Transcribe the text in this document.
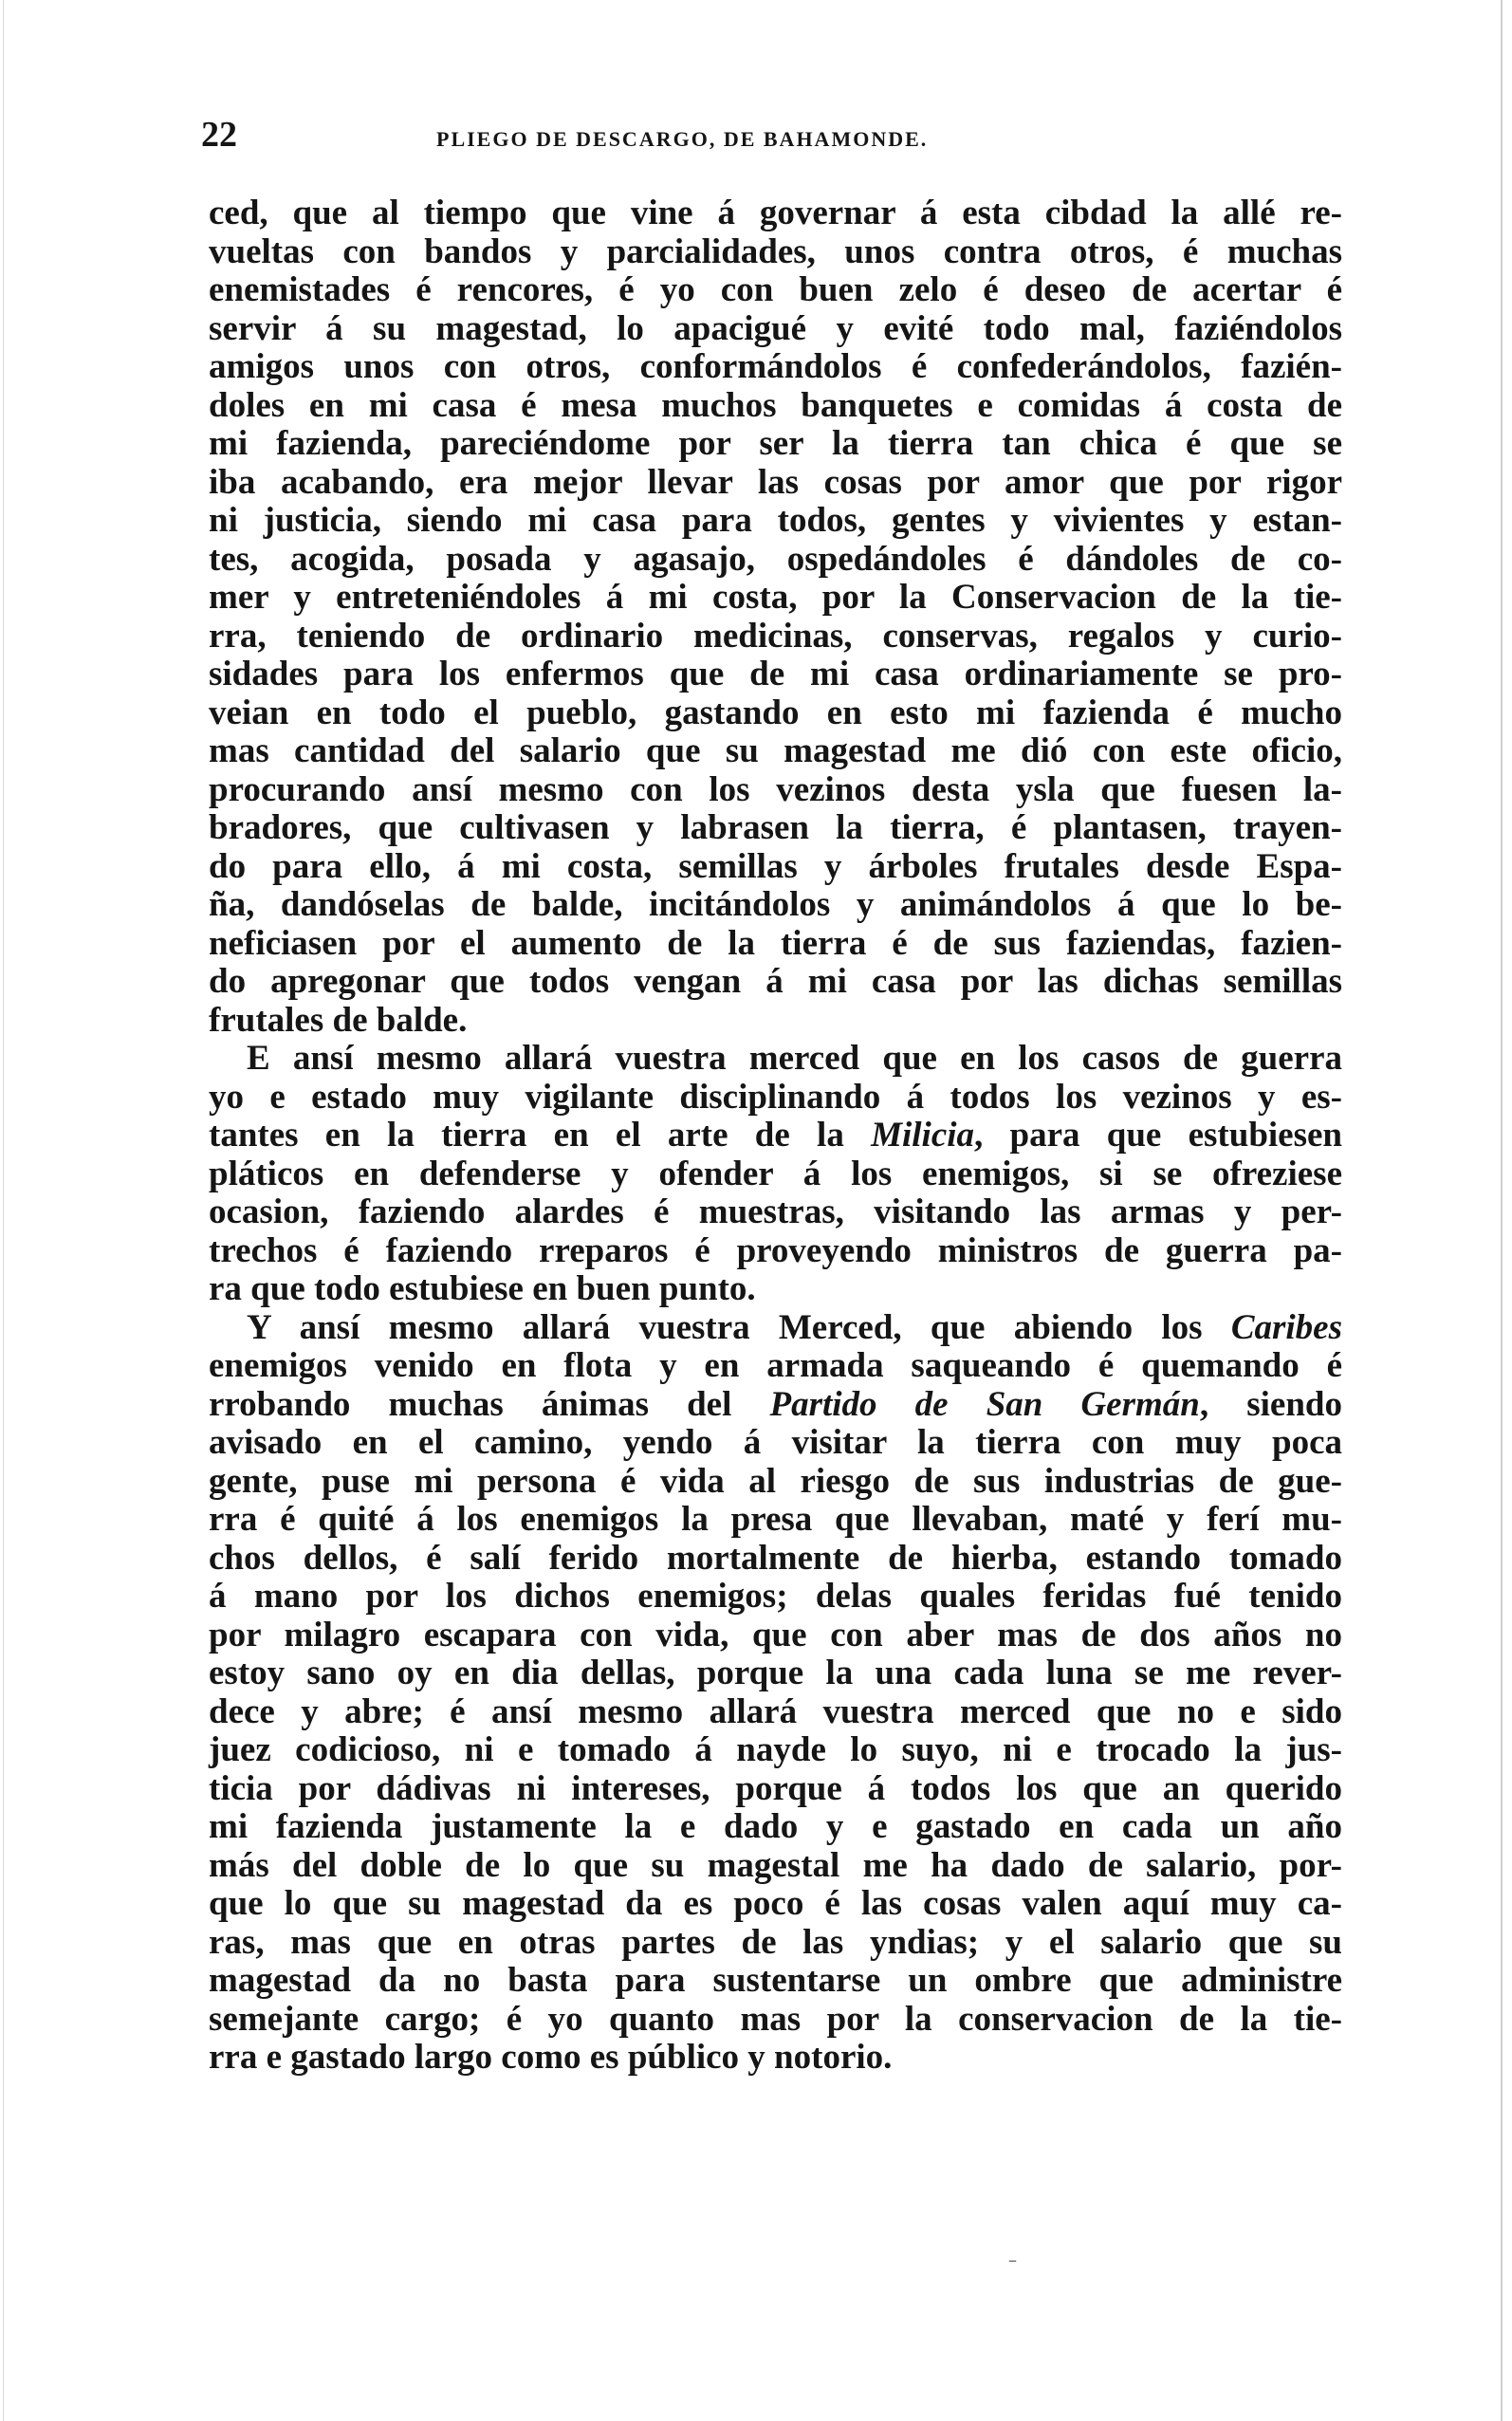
22	PLIEGO DE DESCARGO, DE BAHAMONDE.
ced, que al tiempo que vine á governar á esta cibdad la allé re-
vueltas con bandos y parcialidades, unos contra otros, é muchas
enemistades é rencores, é yo con buen zelo é deseo de acertar é
servir á su magestad, lo apacigué y evité todo mal, faziéndolos
amigos unos con otros, conformándolos é confederándolos, fazién-
doles en mi casa é mesa muchos banquetes e comidas á costa de
mi fazienda, pareciéndome por ser la tierra tan chica é que se
iba acabando, era mejor llevar las cosas por amor que por rigor
ni justicia, siendo mi casa para todos, gentes y vivientes y estan-
tes, acogida, posada y agasajo, ospedándoles é dándoles de co-
mer y entreteniéndoles á mi costa, por la Conservacion de la tie-
rra, teniendo de ordinario medicinas, conservas, regalos y curio-
sidades para los enfermos que de mi casa ordinariamente se pro-
veian en todo el pueblo, gastando en esto mi fazienda é mucho
mas cantidad del salario que su magestad me dió con este oficio,
procurando ansí mesmo con los vezinos desta ysla que fuesen la-
bradores, que cultivasen y labrasen la tierra, é plantasen, trayen-
do para ello, á mi costa, semillas y árboles frutales desde Espa-
ña, dandóselas de balde, incitándolos y animándolos á que lo be-
neficiasen por el aumento de la tierra é de sus faziendas, fazien-
do apregonar que todos vengan á mi casa por las dichas semillas
frutales de balde.
E ansí mesmo allará vuestra merced que en los casos de guerra
yo e estado muy vigilante disciplinando á todos los vezinos y es-
tantes en la tierra en el arte de la Milicia, para que estubiesen
pláticos en defenderse y ofender á los enemigos, si se ofreziese
ocasion, faziendo alardes é muestras, visitando las armas y per-
trechos é faziendo rreparos é proveyendo ministros de guerra pa-
ra que todo estubiese en buen punto.
Y ansí mesmo allará vuestra Merced, que abiendo los Caribes
enemigos venido en flota y en armada saqueando é quemando é
rrobando muchas ánimas del Partido de San Germán, siendo
avisado en el camino, yendo á visitar la tierra con muy poca
gente, puse mi persona é vida al riesgo de sus industrias de gue-
rra é quité á los enemigos la presa que llevaban, maté y ferí mu-
chos dellos, é salí ferido mortalmente de hierba, estando tomado
á mano por los dichos enemigos; delas quales feridas fué tenido
por milagro escapara con vida, que con aber mas de dos años no
estoy sano oy en dia dellas, porque la una cada luna se me rever-
dece y abre; é ansí mesmo allará vuestra merced que no e sido
juez codicioso, ni e tomado á nayde lo suyo, ni e trocado la jus-
ticia por dádivas ni intereses, porque á todos los que an querido
mi fazienda justamente la e dado y e gastado en cada un año
más del doble de lo que su magestal me ha dado de salario, por-
que lo que su magestad da es poco é las cosas valen aquí muy ca-
ras, mas que en otras partes de las yndias; y el salario que su
magestad da no basta para sustentarse un ombre que administre
semejante cargo; é yo quanto mas por la conservacion de la tie-
rra e gastado largo como es público y notorio.
–
